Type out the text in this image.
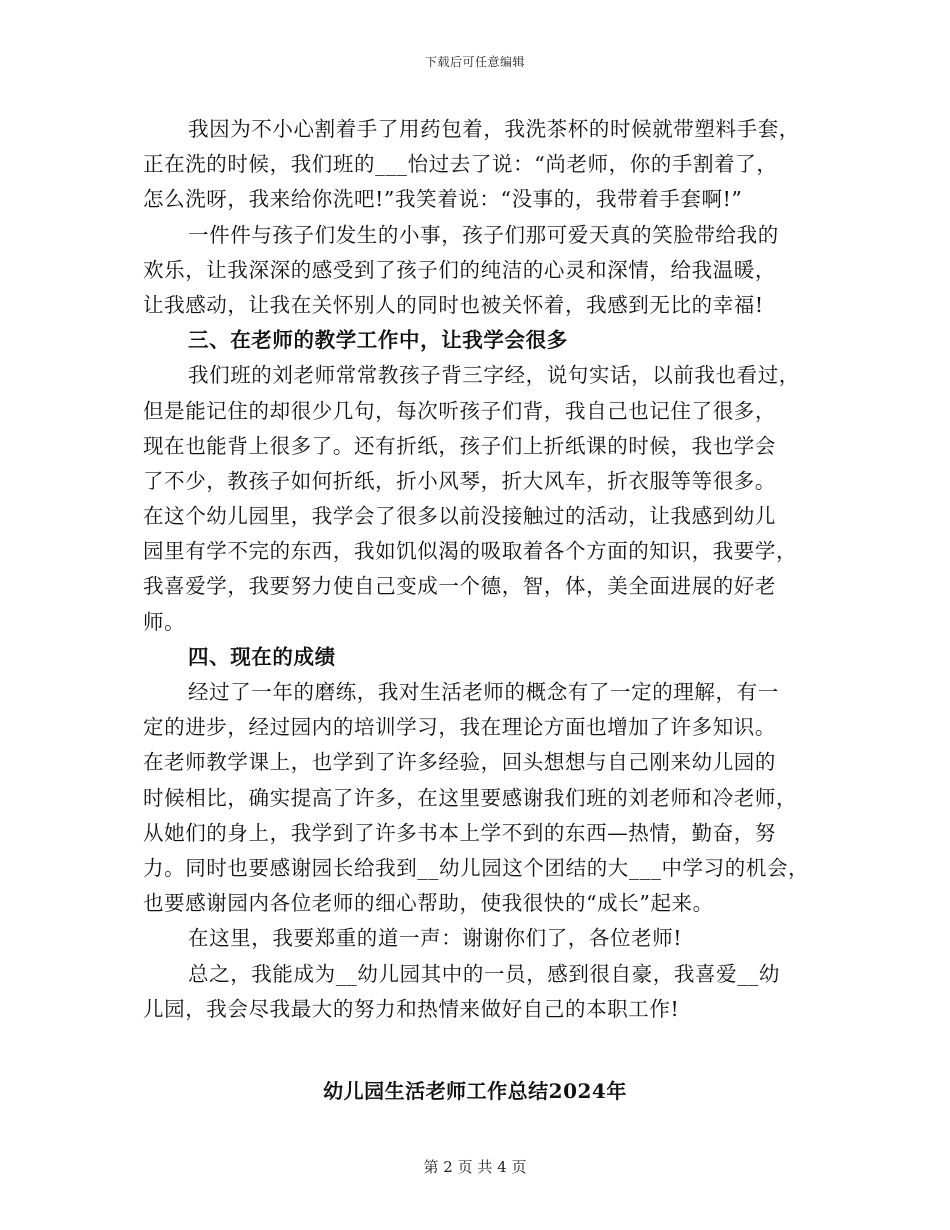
下载后可任意编辑
我因为不小心割着手了用药包着，我洗茶杯的时候就带塑料手套，
正在洗的时候，我们班的___怡过去了说：“尚老师，你的手割着了，
怎么洗呀，我来给你洗吧!”我笑着说：“没事的，我带着手套啊!”
一件件与孩子们发生的小事，孩子们那可爱天真的笑脸带给我的
欢乐，让我深深的感受到了孩子们的纯洁的心灵和深情，给我温暖，
让我感动，让我在关怀别人的同时也被关怀着，我感到无比的幸福!
三、在老师的教学工作中，让我学会很多
我们班的刘老师常常教孩子背三字经，说句实话，以前我也看过，
但是能记住的却很少几句，每次听孩子们背，我自己也记住了很多，
现在也能背上很多了。还有折纸，孩子们上折纸课的时候，我也学会
了不少，教孩子如何折纸，折小风琴，折大风车，折衣服等等很多。
在这个幼儿园里，我学会了很多以前没接触过的活动，让我感到幼儿
园里有学不完的东西，我如饥似渴的吸取着各个方面的知识，我要学，
我喜爱学，我要努力使自己变成一个德，智，体，美全面进展的好老
师。
四、现在的成绩
经过了一年的磨练，我对生活老师的概念有了一定的理解，有一
定的进步，经过园内的培训学习，我在理论方面也增加了许多知识。
在老师教学课上，也学到了许多经验，回头想想与自己刚来幼儿园的
时候相比，确实提高了许多，在这里要感谢我们班的刘老师和冷老师，
从她们的身上，我学到了许多书本上学不到的东西—热情，勤奋，努
力。同时也要感谢园长给我到__幼儿园这个团结的大___中学习的机会，
也要感谢园内各位老师的细心帮助，使我很快的“成长”起来。
在这里，我要郑重的道一声：谢谢你们了，各位老师!
总之，我能成为__幼儿园其中的一员，感到很自豪，我喜爱__幼
儿园，我会尽我最大的努力和热情来做好自己的本职工作!
幼儿园生活老师工作总结2024年
第 2 页 共 4 页
